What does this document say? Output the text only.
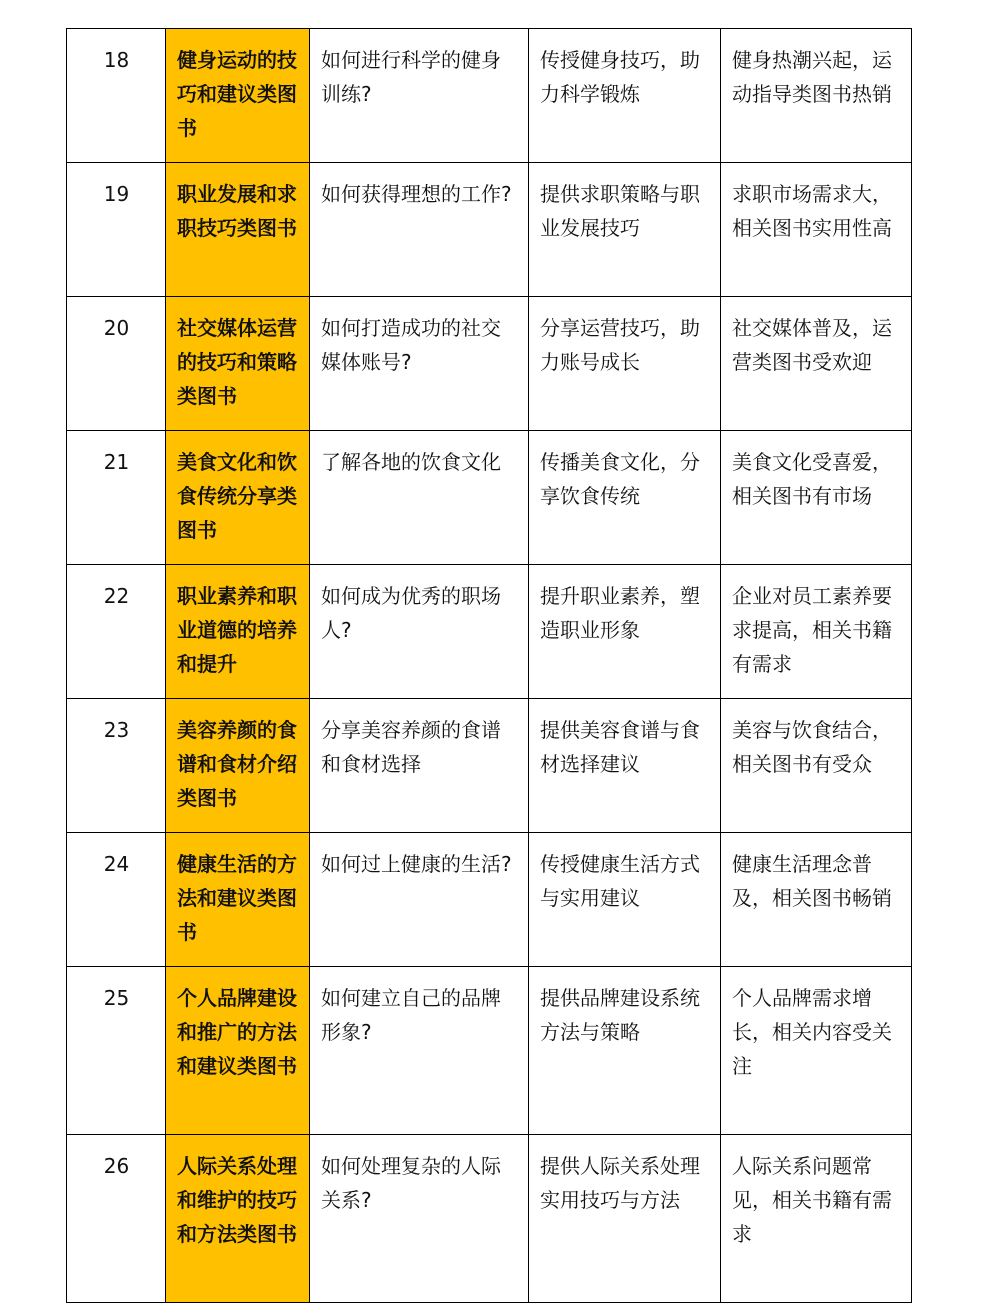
18	健身运动的技巧和建议类图书	如何进行科学的健身训练?	传授健身技巧，助力科学锻炼	健身热潮兴起，运动指导类图书热销
19	职业发展和求职技巧类图书	如何获得理想的工作?	提供求职策略与职业发展技巧	求职市场需求大，相关图书实用性高
20	社交媒体运营的技巧和策略类图书	如何打造成功的社交媒体账号?	分享运营技巧，助力账号成长	社交媒体普及，运营类图书受欢迎
21	美食文化和饮食传统分享类图书	了解各地的饮食文化	传播美食文化，分享饮食传统	美食文化受喜爱，相关图书有市场
22	职业素养和职业道德的培养和提升	如何成为优秀的职场人?	提升职业素养，塑造职业形象	企业对员工素养要求提高，相关书籍有需求
23	美容养颜的食谱和食材介绍类图书	分享美容养颜的食谱和食材选择	提供美容食谱与食材选择建议	美容与饮食结合，相关图书有受众
24	健康生活的方法和建议类图书	如何过上健康的生活?	传授健康生活方式与实用建议	健康生活理念普及，相关图书畅销
25	个人品牌建设和推广的方法和建议类图书	如何建立自己的品牌形象?	提供品牌建设系统方法与策略	个人品牌需求增长，相关内容受关注
26	人际关系处理和维护的技巧和方法类图书	如何处理复杂的人际关系?	提供人际关系处理实用技巧与方法	人际关系问题常见，相关书籍有需求
